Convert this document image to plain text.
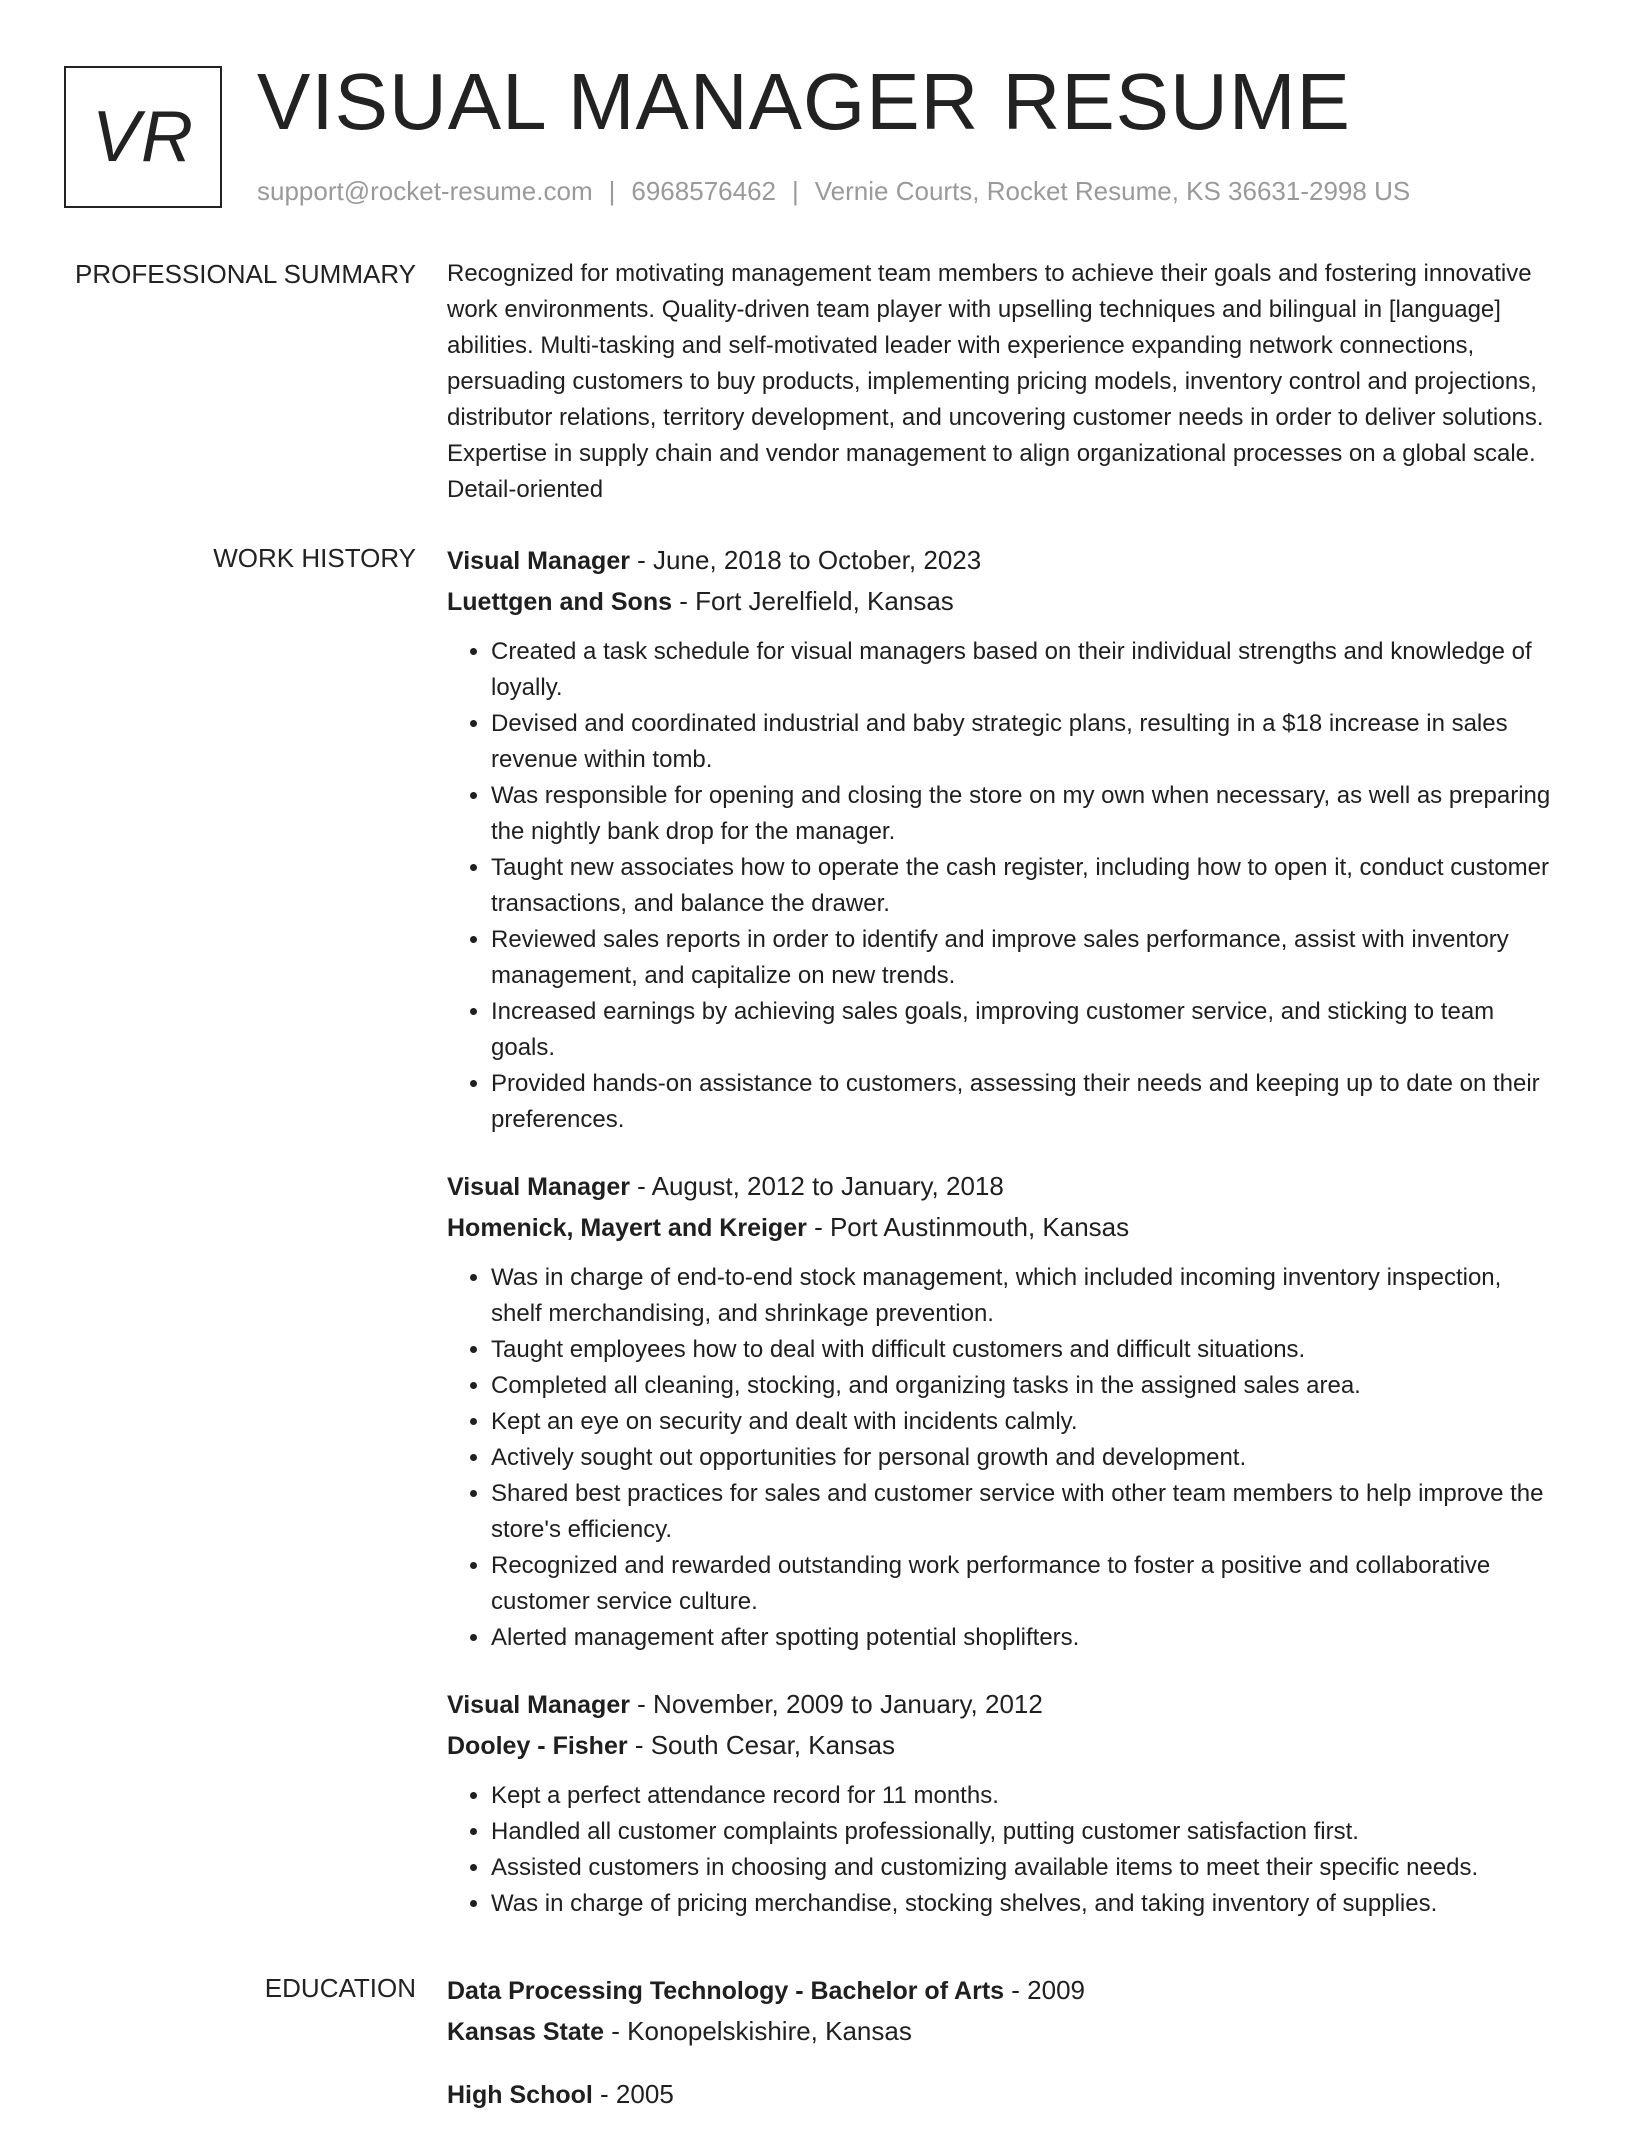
VR VISUAL MANAGER RESUME
support@rocket-resume.com | 6968576462 | Vernie Courts, Rocket Resume, KS 36631-2998 US
PROFESSIONAL SUMMARY Recognized for motivating management team members to achieve their goals and fostering innovative work environments. Quality-driven team player with upselling techniques and bilingual in [language] abilities. Multi-tasking and self-motivated leader with experience expanding network connections, persuading customers to buy products, implementing pricing models, inventory control and projections, distributor relations, territory development, and uncovering customer needs in order to deliver solutions. Expertise in supply chain and vendor management to align organizational processes on a global scale. Detail-oriented

WORK HISTORY Visual Manager - June, 2018 to October, 2023
Luettgen and Sons - Fort Jerelfield, Kansas
• Created a task schedule for visual managers based on their individual strengths and knowledge of loyally.
• Devised and coordinated industrial and baby strategic plans, resulting in a $18 increase in sales revenue within tomb.
• Was responsible for opening and closing the store on my own when necessary, as well as preparing the nightly bank drop for the manager.
• Taught new associates how to operate the cash register, including how to open it, conduct customer transactions, and balance the drawer.
• Reviewed sales reports in order to identify and improve sales performance, assist with inventory management, and capitalize on new trends.
• Increased earnings by achieving sales goals, improving customer service, and sticking to team goals.
• Provided hands-on assistance to customers, assessing their needs and keeping up to date on their preferences.
Visual Manager - August, 2012 to January, 2018
Homenick, Mayert and Kreiger - Port Austinmouth, Kansas
• Was in charge of end-to-end stock management, which included incoming inventory inspection, shelf merchandising, and shrinkage prevention.
• Taught employees how to deal with difficult customers and difficult situations.
• Completed all cleaning, stocking, and organizing tasks in the assigned sales area.
• Kept an eye on security and dealt with incidents calmly.
• Actively sought out opportunities for personal growth and development.
• Shared best practices for sales and customer service with other team members to help improve the store's efficiency.
• Recognized and rewarded outstanding work performance to foster a positive and collaborative customer service culture.
• Alerted management after spotting potential shoplifters.
Visual Manager - November, 2009 to January, 2012
Dooley - Fisher - South Cesar, Kansas
• Kept a perfect attendance record for 11 months.
• Handled all customer complaints professionally, putting customer satisfaction first.
• Assisted customers in choosing and customizing available items to meet their specific needs.
• Was in charge of pricing merchandise, stocking shelves, and taking inventory of supplies.
EDUCATION Data Processing Technology - Bachelor of Arts - 2009
Kansas State - Konopelskishire, Kansas
High School - 2005
